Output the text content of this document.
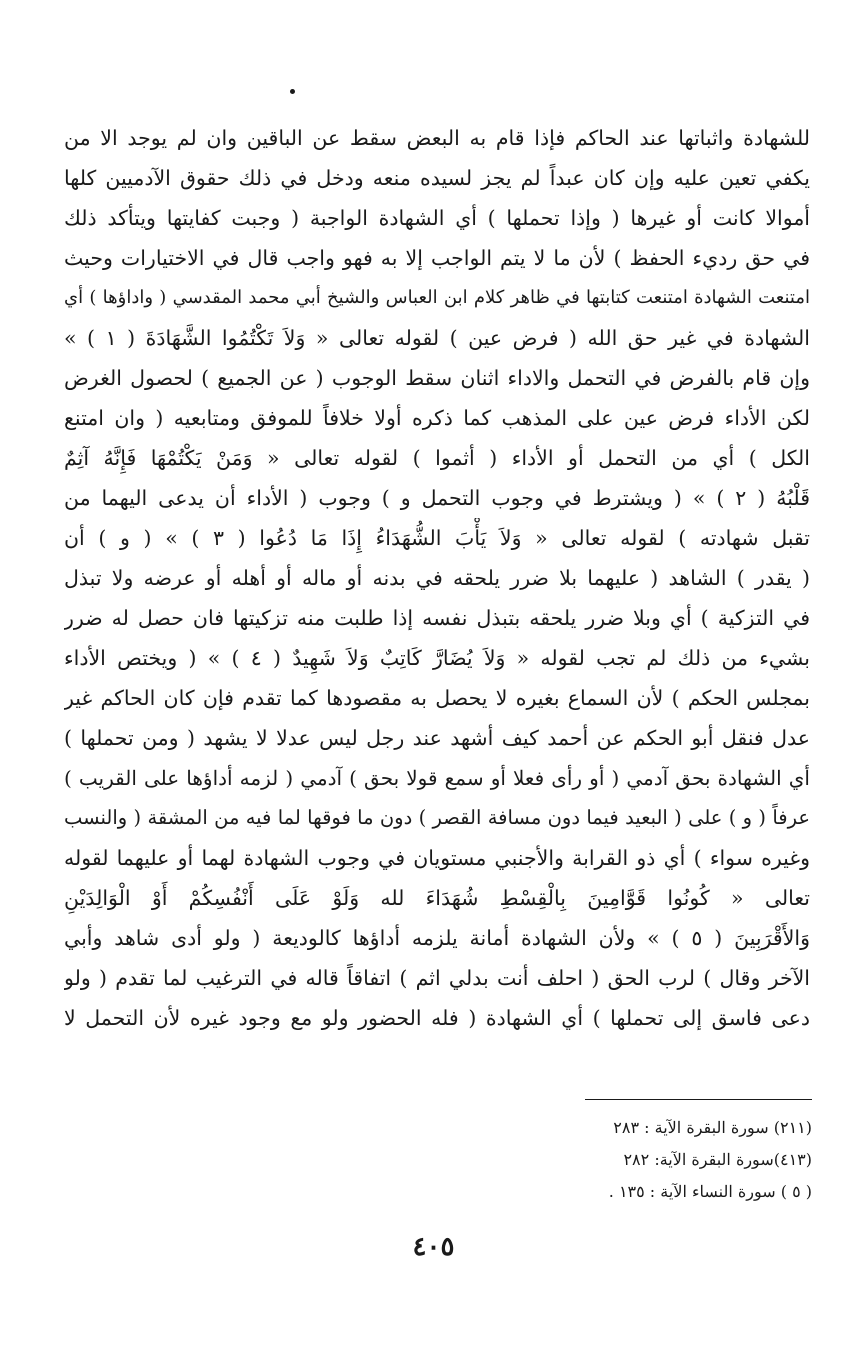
للشهادة واثباتها عند الحاكم فإذا قام به البعض سقط عن الباقين وان لم يوجد الا من
يكفي تعين عليه وإن كان عبداً لم يجز لسيده منعه ودخل في ذلك حقوق الآدميين كلها
أموالا كانت أو غيرها ( وإذا تحملها ) أي الشهادة الواجبة ( وجبت كفايتها ويتأكد ذلك
في حق رديء الحفظ ) لأن ما لا يتم الواجب إلا به فهو واجب قال في الاختيارات وحيث
امتنعت الشهادة امتنعت كتابتها في ظاهر كلام ابن العباس والشيخ أبي محمد المقدسي ( واداؤها ) أي
الشهادة في غير حق الله ( فرض عين ) لقوله تعالى « وَلاَ تَكْتُمُوا الشَّهَادَةَ ( ١ ) »
وإن قام بالفرض في التحمل والاداء اثنان سقط الوجوب ( عن الجميع ) لحصول الغرض
لكن الأداء فرض عين على المذهب كما ذكره أولا خلافاً للموفق ومتابعيه ( وان امتنع
الكل ) أي من التحمل أو الأداء ( أثموا ) لقوله تعالى « وَمَنْ يَكْتُمْهَا فَإِنَّهُ آثِمٌ
قَلْبُهُ ( ٢ ) » ( ويشترط في وجوب التحمل و ) وجوب ( الأداء أن يدعى اليهما من
تقبل شهادته ) لقوله تعالى « وَلاَ يَأْبَ الشُّهَدَاءُ إِذَا مَا دُعُوا ( ٣ ) » ( و ) أن
( يقدر ) الشاهد ( عليهما بلا ضرر يلحقه في بدنه أو ماله أو أهله أو عرضه ولا تبذل
في التزكية ) أي وبلا ضرر يلحقه بتبذل نفسه إذا طلبت منه تزكيتها فان حصل له ضرر
بشيء من ذلك لم تجب لقوله « وَلاَ يُضَارَّ كَاتِبٌ وَلاَ شَهِيدٌ ( ٤ ) » ( ويختص الأداء
بمجلس الحكم ) لأن السماع بغيره لا يحصل به مقصودها كما تقدم فإن كان الحاكم غير
عدل فنقل أبو الحكم عن أحمد كيف أشهد عند رجل ليس عدلا لا يشهد ( ومن تحملها )
أي الشهادة بحق آدمي ( أو رأى فعلا أو سمع قولا بحق ) آدمي ( لزمه أداؤها على القريب )
عرفاً ( و ) على ( البعيد فيما دون مسافة القصر ) دون ما فوقها لما فيه من المشقة ( والنسب
وغيره سواء ) أي ذو القرابة والأجنبي مستويان في وجوب الشهادة لهما أو عليهما لقوله
تعالى « كُونُوا قَوَّامِينَ بِالْقِسْطِ شُهَدَاءَ لله وَلَوْ عَلَى أَنْفُسِكُمْ أَوْ الْوَالِدَيْنِ
وَالأَقْرَبِينَ ( ٥ ) » ولأن الشهادة أمانة يلزمه أداؤها كالوديعة ( ولو أدى شاهد وأبي
الآخر وقال ) لرب الحق ( احلف أنت بدلي اثم ) اتفاقاً قاله في الترغيب لما تقدم ( ولو
دعى فاسق إلى تحملها ) أي الشهادة ( فله الحضور ولو مع وجود غيره لأن التحمل لا
(٢١١) سورة البقرة الآية : ٢٨٣
(٤١٣)سورة البقرة الآية: ٢٨٢
( ٥ ) سورة النساء الآية : ١٣٥ .
٤٠٥
